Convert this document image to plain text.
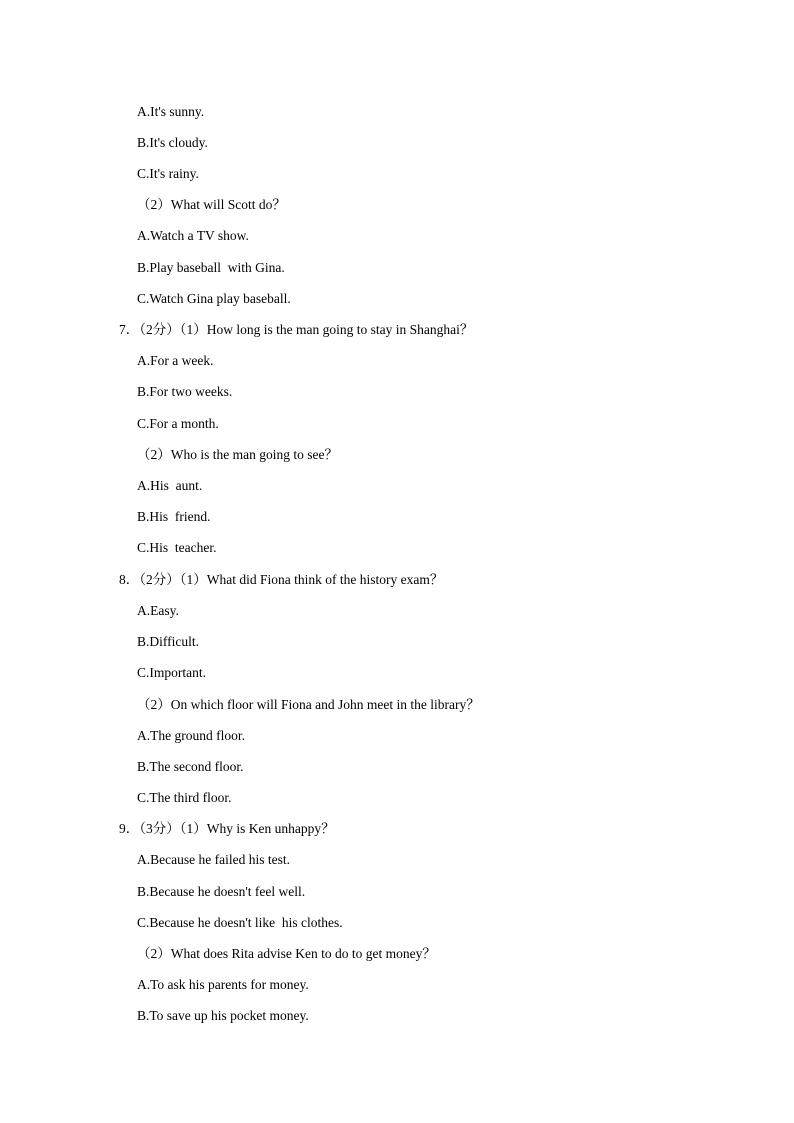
A.It's sunny.
B.It's cloudy.
C.It's rainy.
（2）What will Scott do？
A.Watch a TV show.
B.Play baseball  with Gina.
C.Watch Gina play baseball.
7．（2分）（1）How long is the man going to stay in Shanghai？
A.For a week.
B.For two weeks.
C.For a month.
（2）Who is the man going to see？
A.His  aunt.
B.His  friend.
C.His  teacher.
8．（2分）（1）What did Fiona think of the history exam？
A.Easy.
B.Difficult.
C.Important.
（2）On which floor will Fiona and John meet in the library？
A.The ground floor.
B.The second floor.
C.The third floor.
9．（3分）（1）Why is Ken unhappy？
A.Because he failed his test.
B.Because he doesn't feel well.
C.Because he doesn't like  his clothes.
（2）What does Rita advise Ken to do to get money？
A.To ask his parents for money.
B.To save up his pocket money.
